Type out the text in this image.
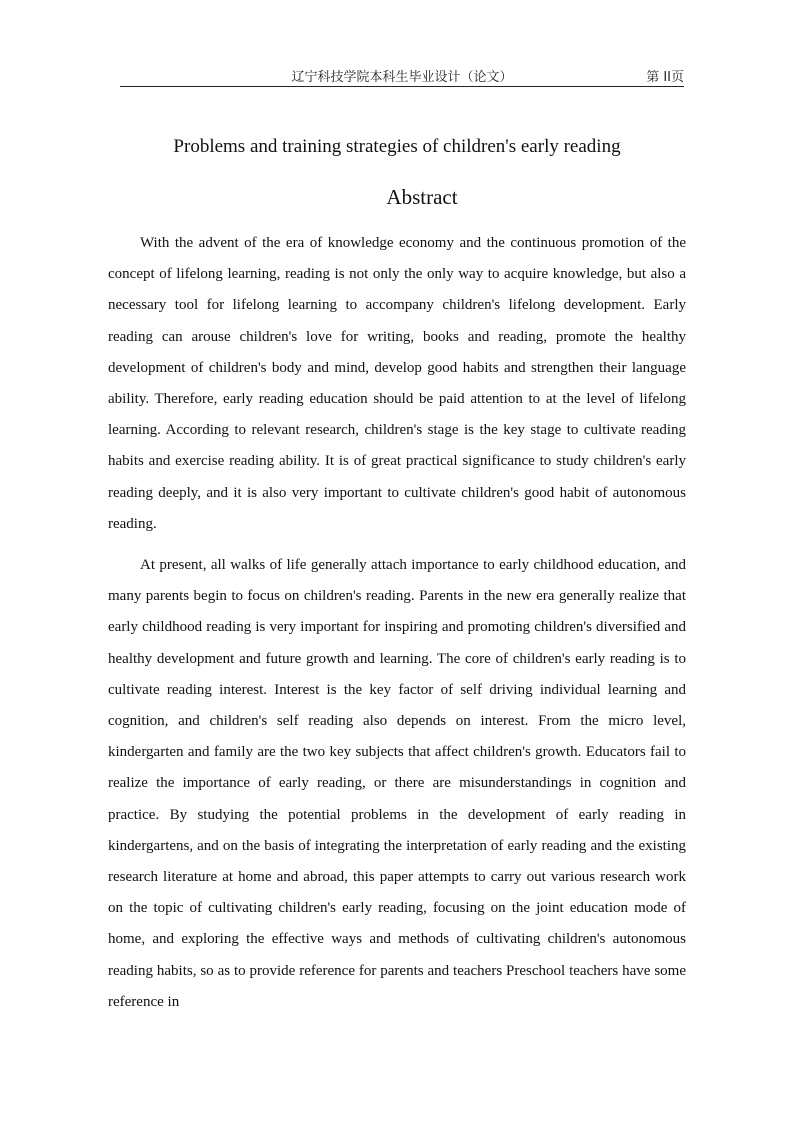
辽宁科技学院本科生毕业设计（论文）	第 II页
Problems and training strategies of children's early reading
Abstract

With the advent of the era of knowledge economy and the continuous promotion of the concept of lifelong learning, reading is not only the only way to acquire knowledge, but also a necessary tool for lifelong learning to accompany children's lifelong development. Early reading can arouse children's love for writing, books and reading, promote the healthy development of children's body and mind, develop good habits and strengthen their language ability. Therefore, early reading education should be paid attention to at the level of lifelong learning. According to relevant research, children's stage is the key stage to cultivate reading habits and exercise reading ability. It is of great practical significance to study children's early reading deeply, and it is also very important to cultivate children's good habit of autonomous reading.

At present, all walks of life generally attach importance to early childhood education, and many parents begin to focus on children's reading. Parents in the new era generally realize that early childhood reading is very important for inspiring and promoting children's diversified and healthy development and future growth and learning. The core of children's early reading is to cultivate reading interest. Interest is the key factor of self driving individual learning and cognition, and children's self reading also depends on interest. From the micro level, kindergarten and family are the two key subjects that affect children's growth. Educators fail to realize the importance of early reading, or there are misunderstandings in cognition and practice. By studying the potential problems in the development of early reading in kindergartens, and on the basis of integrating the interpretation of early reading and the existing research literature at home and abroad, this paper attempts to carry out various research work on the topic of cultivating children's early reading, focusing on the joint education mode of home, and exploring the effective ways and methods of cultivating children's autonomous reading habits, so as to provide reference for parents and teachers Preschool teachers have some reference in
